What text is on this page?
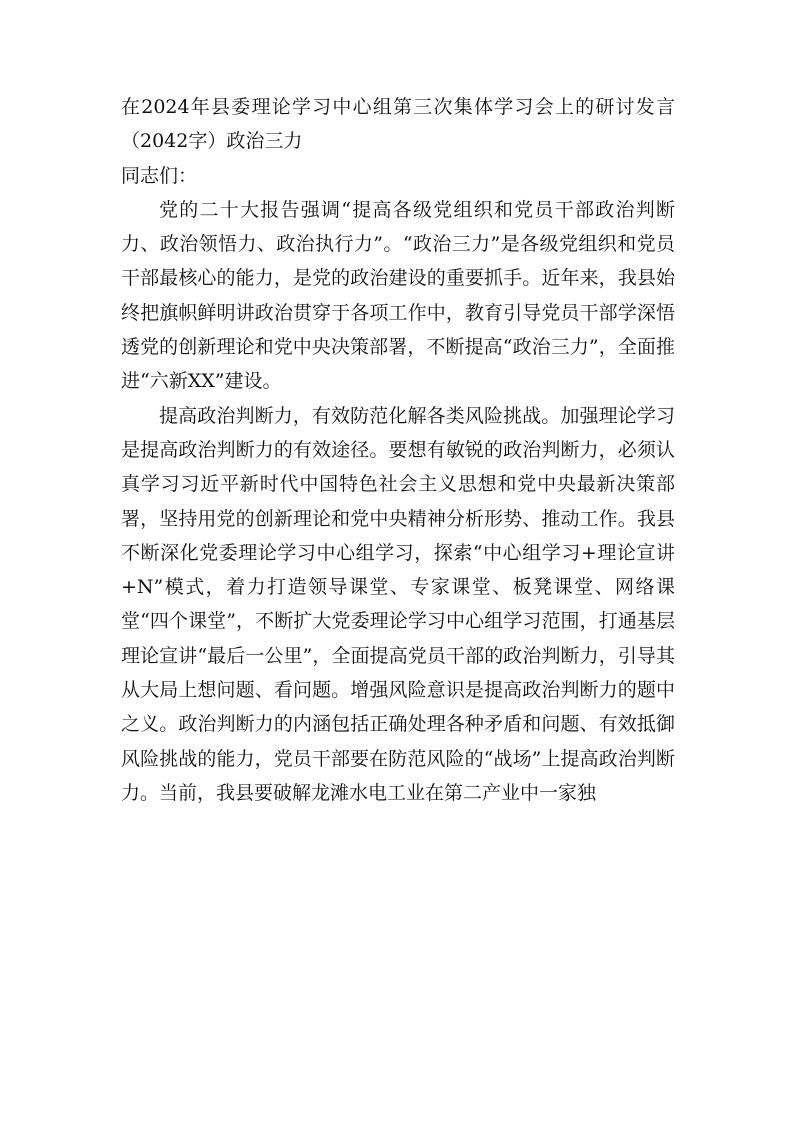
在2024年县委理论学习中心组第三次集体学习会上的研讨发言（2042字）政治三力

同志们：

党的二十大报告强调“提高各级党组织和党员干部政治判断力、政治领悟力、政治执行力”。“政治三力”是各级党组织和党员干部最核心的能力，是党的政治建设的重要抓手。近年来，我县始终把旗帜鲜明讲政治贯穿于各项工作中，教育引导党员干部学深悟透党的创新理论和党中央决策部署，不断提高“政治三力”，全面推进“六新XX”建设。

提高政治判断力，有效防范化解各类风险挑战。加强理论学习是提高政治判断力的有效途径。要想有敏锐的政治判断力，必须认真学习习近平新时代中国特色社会主义思想和党中央最新决策部署，坚持用党的创新理论和党中央精神分析形势、推动工作。我县不断深化党委理论学习中心组学习，探索“中心组学习+理论宣讲+N”模式，着力打造领导课堂、专家课堂、板凳课堂、网络课堂“四个课堂”，不断扩大党委理论学习中心组学习范围，打通基层理论宣讲“最后一公里”，全面提高党员干部的政治判断力，引导其从大局上想问题、看问题。增强风险意识是提高政治判断力的题中之义。政治判断力的内涵包括正确处理各种矛盾和问题、有效抵御风险挑战的能力，党员干部要在防范风险的“战场”上提高政治判断力。当前，我县要破解龙滩水电工业在第二产业中一家独
